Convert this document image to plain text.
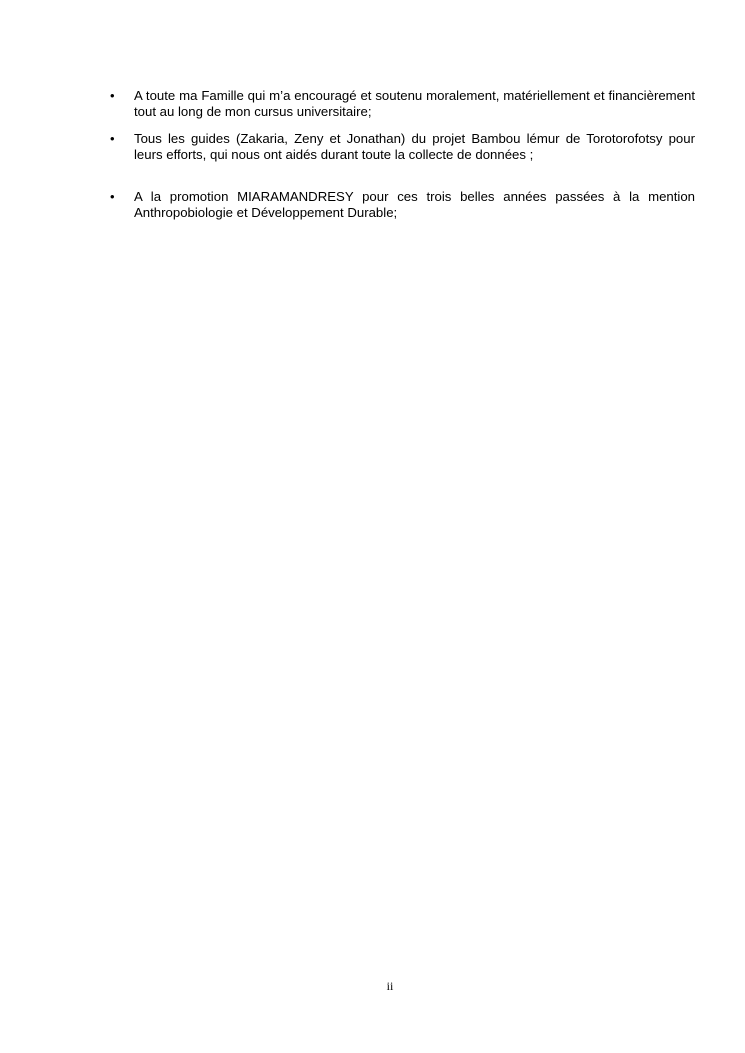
• A toute ma Famille qui m’a encouragé et soutenu moralement, matériellement et financièrement tout au long de mon cursus universitaire;
• Tous les guides (Zakaria, Zeny et Jonathan) du projet Bambou lémur de Torotorofotsy pour leurs efforts, qui nous ont aidés durant toute la collecte de données ;
• A la promotion MIARAMANDRESY pour ces trois belles années passées à la mention Anthropobiologie et Développement Durable;
ii
